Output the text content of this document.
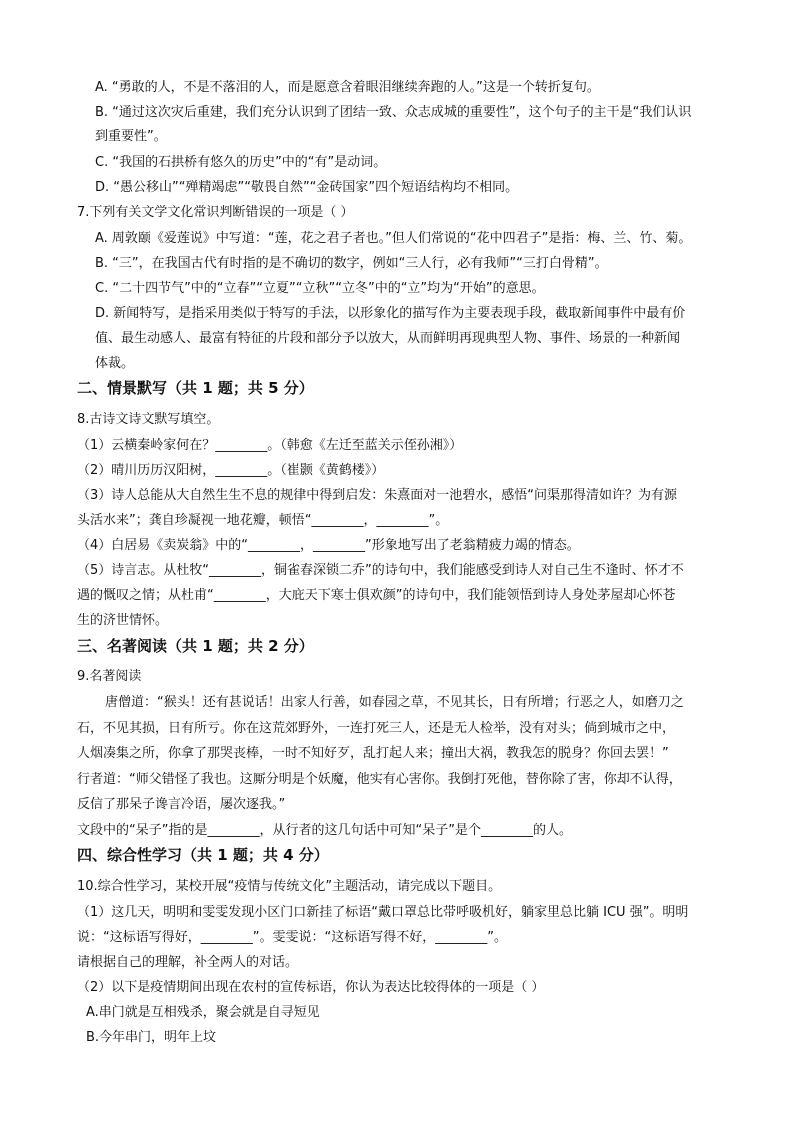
A. “勇敢的人，不是不落泪的人，而是愿意含着眼泪继续奔跑的人。”这是一个转折复句。
B. “通过这次灾后重建，我们充分认识到了团结一致、众志成城的重要性”，这个句子的主干是“我们认识
到重要性”。
C. “我国的石拱桥有悠久的历史”中的“有”是动词。
D. “愚公移山”“殚精竭虑”“敬畏自然”“金砖国家”四个短语结构均不相同。
7.下列有关文学文化常识判断错误的一项是（ ）
A. 周敦颐《爱莲说》中写道：“莲，花之君子者也。”但人们常说的“花中四君子”是指：梅、兰、竹、菊。
B. “三”，在我国古代有时指的是不确切的数字，例如“三人行，必有我师”“三打白骨精”。
C. “二十四节气”中的“立春”“立夏”“立秋”“立冬”中的“立”均为“开始”的意思。
D. 新闻特写，是指采用类似于特写的手法，以形象化的描写作为主要表现手段，截取新闻事件中最有价
值、最生动感人、最富有特征的片段和部分予以放大，从而鲜明再现典型人物、事件、场景的一种新闻
体裁。
二、情景默写（共 1 题；共 5 分）
8.古诗文诗文默写填空。
（1）云横秦岭家何在？________。（韩愈《左迁至蓝关示侄孙湘》）
（2）晴川历历汉阳树，________。（崔颢《黄鹤楼》）
（3）诗人总能从大自然生生不息的规律中得到启发：朱熹面对一池碧水，感悟“问渠那得清如许？为有源
头活水来”；龚自珍凝视一地花瓣，顿悟“________，________”。
（4）白居易《卖炭翁》中的“________，________”形象地写出了老翁精疲力竭的情态。
（5）诗言志。从杜牧“________，铜雀春深锁二乔”的诗句中，我们能感受到诗人对自己生不逢时、怀才不
遇的慨叹之情；从杜甫“________，大庇天下寒士俱欢颜”的诗句中，我们能领悟到诗人身处茅屋却心怀苍
生的济世情怀。
三、名著阅读（共 1 题；共 2 分）
9.名著阅读
唐僧道：“猴头！还有甚说话！出家人行善，如春园之草，不见其长，日有所增；行恶之人，如磨刀之
石，不见其损，日有所亏。你在这荒郊野外，一连打死三人，还是无人检举，没有对头；倘到城市之中，
人烟凑集之所，你拿了那哭丧棒，一时不知好歹，乱打起人来；撞出大祸，教我怎的脱身？你回去罢！”
行者道：“师父错怪了我也。这厮分明是个妖魔，他实有心害你。我倒打死他，替你除了害，你却不认得，
反信了那呆子谗言冷语，屡次逐我。”
文段中的“呆子”指的是________，从行者的这几句话中可知“呆子”是个________的人。
四、综合性学习（共 1 题；共 4 分）
10.综合性学习，某校开展“疫情与传统文化”主题活动，请完成以下题目。
（1）这几天，明明和雯雯发现小区门口新挂了标语“戴口罩总比带呼吸机好，躺家里总比躺 ICU 强”。明明
说：“这标语写得好，________”。雯雯说：“这标语写得不好，________”。
请根据自己的理解，补全两人的对话。
（2）以下是疫情期间出现在农村的宣传标语，你认为表达比较得体的一项是（ ）
A.串门就是互相残杀，聚会就是自寻短见
B.今年串门，明年上坟
